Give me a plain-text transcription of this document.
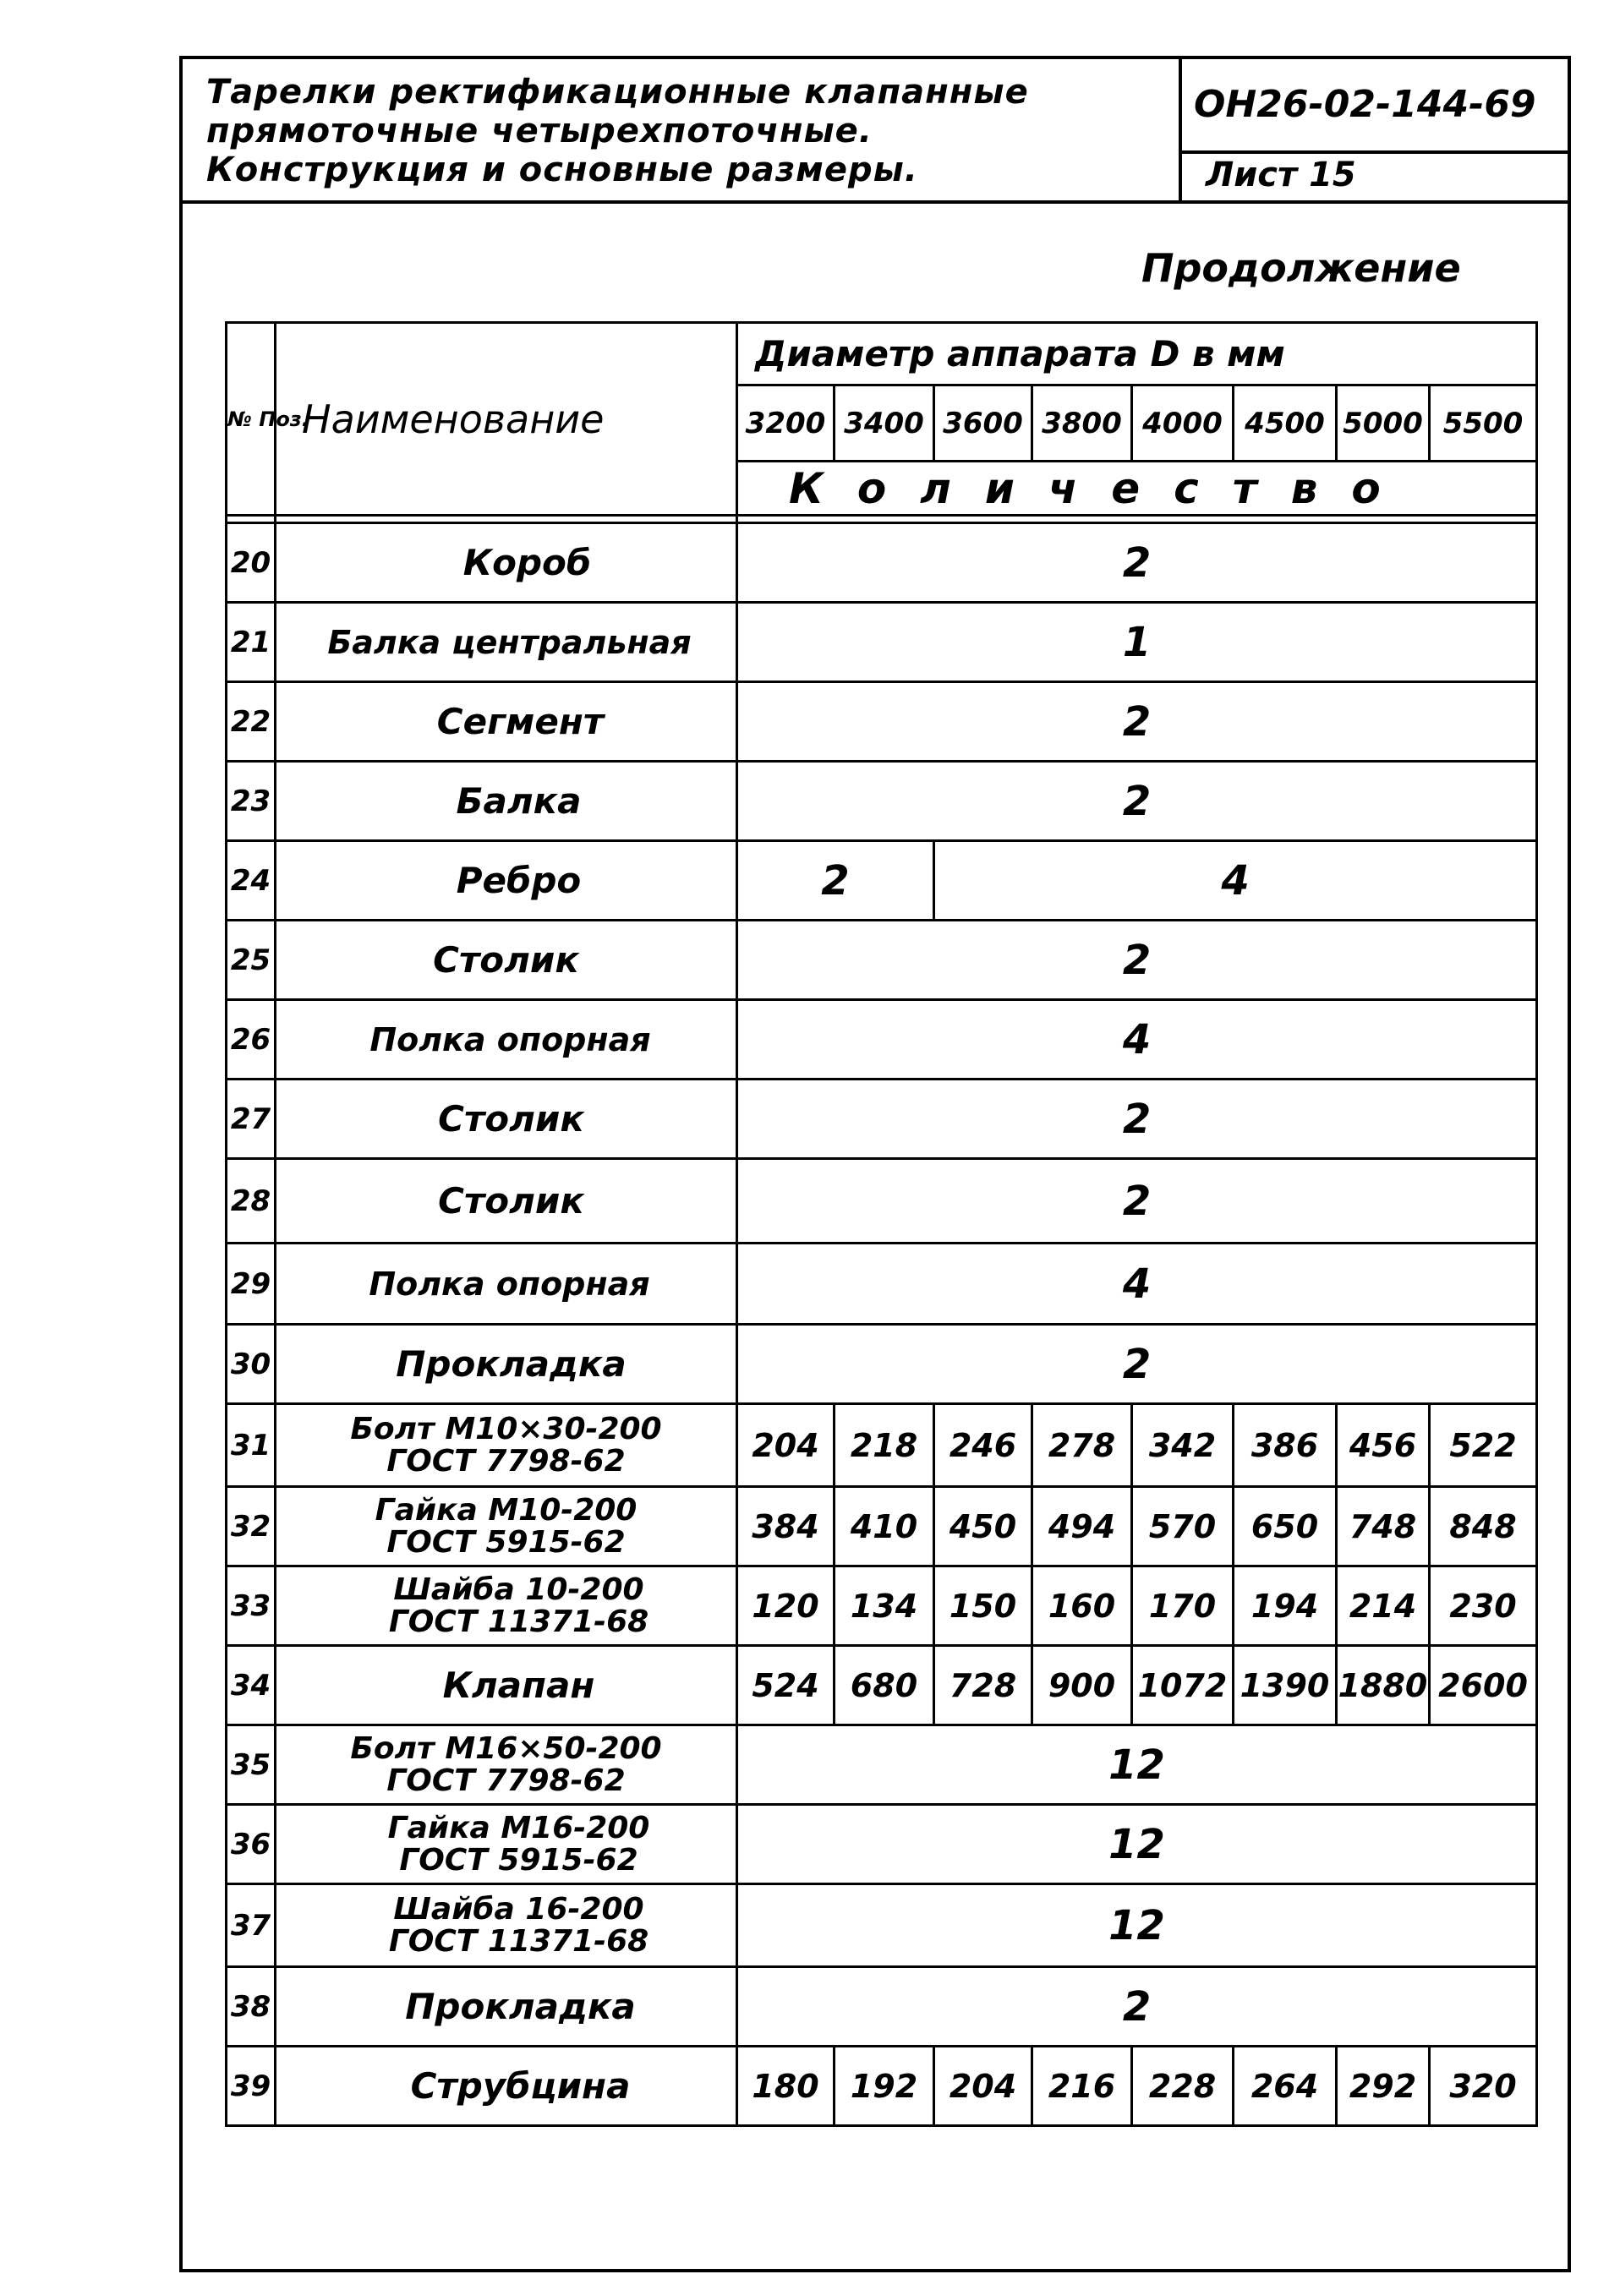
Тарелки ректификационные клапанные
прямоточные четырехпоточные.
Конструкция и основные размеры.
ОН26-02-144-69
Лист 15
Продолжение
№ Поз.	Наименование	Диаметр аппарата D в мм							
		3200	3400	3600	3800	4000	4500	5000	5500
		Количество							

20	Короб	2							
21	Балка центральная	1							
22	Сегмент	2							
23	Балка	2							
24	Ребро	2		4					
25	Столик	2							
26	Полка опорная	4							
27	Столик	2							
28	Столик	2							
29	Полка опорная	4							
30	Прокладка	2							
31	Болт М10×30-200
ГОСТ 7798-62	204	218	246	278	342	386	456	522
32	Гайка М10-200
ГОСТ 5915-62	384	410	450	494	570	650	748	848
33	Шайба 10-200
ГОСТ 11371-68	120	134	150	160	170	194	214	230
34	Клапан	524	680	728	900	1072	1390	1880	2600
35	Болт М16×50-200
ГОСТ 7798-62	12							
36	Гайка М16-200
ГОСТ 5915-62	12							
37	Шайба 16-200
ГОСТ 11371-68	12							
38	Прокладка	2							
39	Струбцина	180	192	204	216	228	264	292	320
